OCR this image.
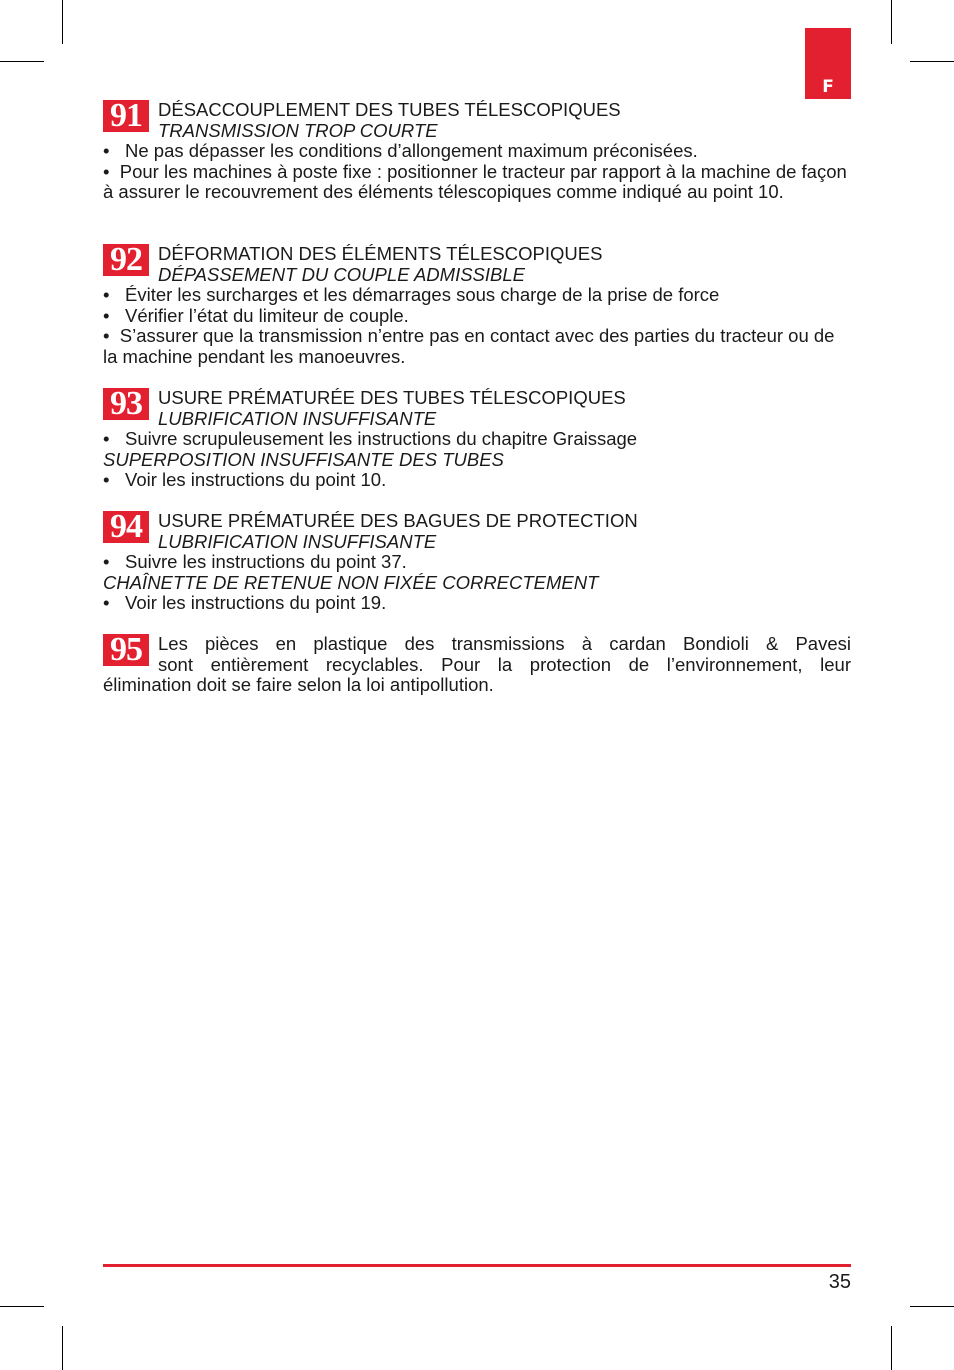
F
91 DÉSACCOUPLEMENT DES TUBES TÉLESCOPIQUES
TRANSMISSION TROP COURTE
• Ne pas dépasser les conditions d’allongement maximum préconisées.
• Pour les machines à poste fixe : positionner le tracteur par rapport à la machine de façon à assurer le recouvrement des éléments télescopiques comme indiqué au point 10.
92 DÉFORMATION DES ÉLÉMENTS TÉLESCOPIQUES
DÉPASSEMENT DU COUPLE ADMISSIBLE
• Éviter les surcharges et les démarrages sous charge de la prise de force
• Vérifier l’état du limiteur de couple.
• S’assurer que la transmission n’entre pas en contact avec des parties du tracteur ou de la machine pendant les manoeuvres.
93 USURE PRÉMATURÉE DES TUBES TÉLESCOPIQUES
LUBRIFICATION INSUFFISANTE
• Suivre scrupuleusement les instructions du chapitre Graissage
SUPERPOSITION INSUFFISANTE DES TUBES
• Voir les instructions du point 10.
94 USURE PRÉMATURÉE DES BAGUES DE PROTECTION
LUBRIFICATION INSUFFISANTE
• Suivre les instructions du point 37.
CHAÎNETTE DE RETENUE NON FIXÉE CORRECTEMENT
• Voir les instructions du point 19.
95 Les pièces en plastique des transmissions à cardan Bondioli & Pavesi
sont entièrement recyclables. Pour la protection de l’environnement, leur
élimination doit se faire selon la loi antipollution.
35
